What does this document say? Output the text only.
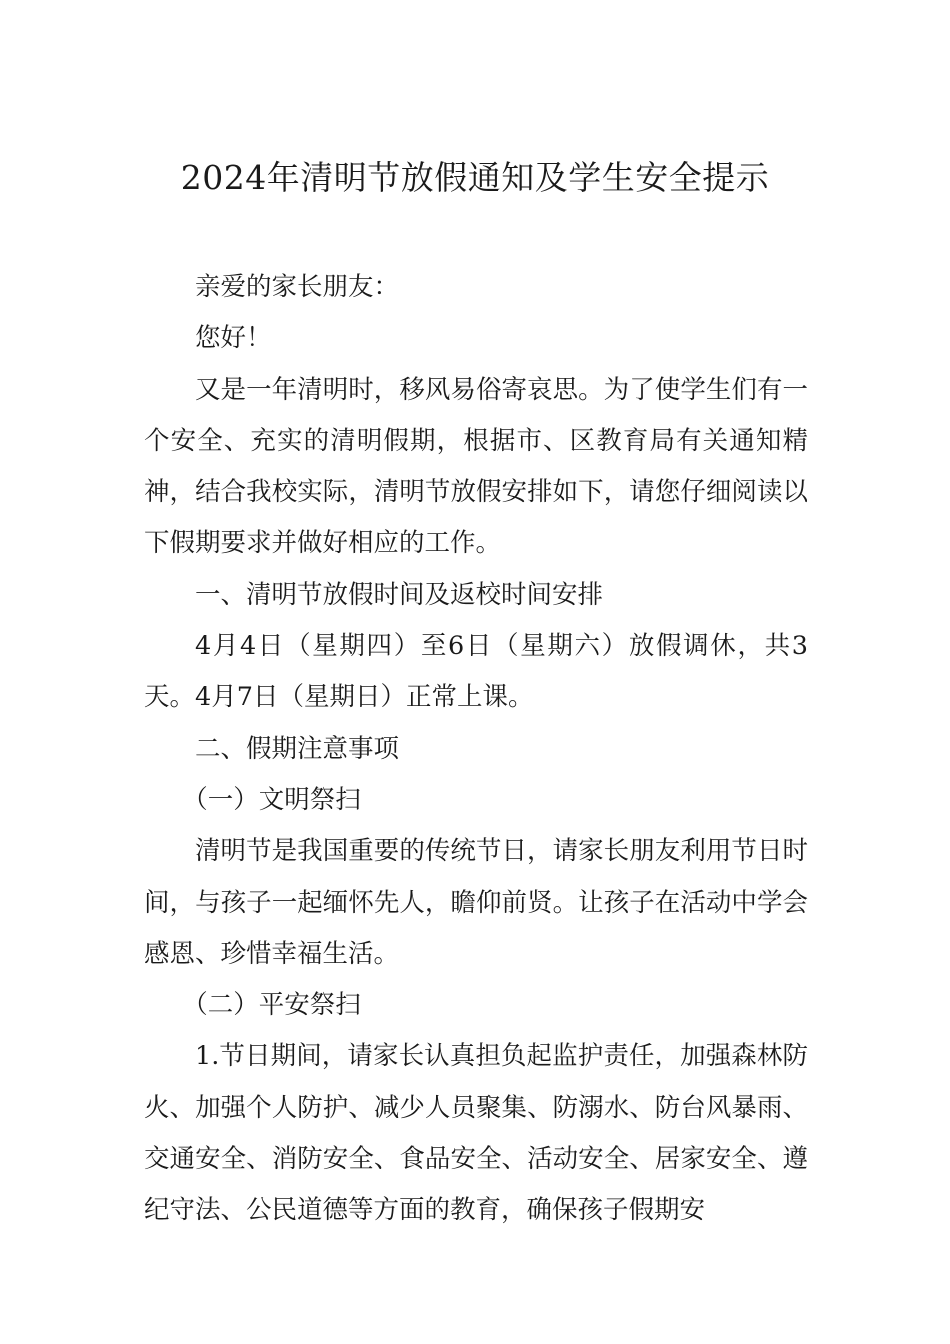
2024年清明节放假通知及学生安全提示

亲爱的家长朋友：

您好！

又是一年清明时，移风易俗寄哀思。为了使学生们有一个安全、充实的清明假期，根据市、区教育局有关通知精神，结合我校实际，清明节放假安排如下，请您仔细阅读以下假期要求并做好相应的工作。

一、清明节放假时间及返校时间安排

4月4日（星期四）至6日（星期六）放假调休，共3天。4月7日（星期日）正常上课。

二、假期注意事项

（一）文明祭扫

清明节是我国重要的传统节日，请家长朋友利用节日时间，与孩子一起缅怀先人，瞻仰前贤。让孩子在活动中学会感恩、珍惜幸福生活。

（二）平安祭扫

1.节日期间，请家长认真担负起监护责任，加强森林防火、加强个人防护、减少人员聚集、防溺水、防台风暴雨、交通安全、消防安全、食品安全、活动安全、居家安全、遵纪守法、公民道德等方面的教育，确保孩子假期安
